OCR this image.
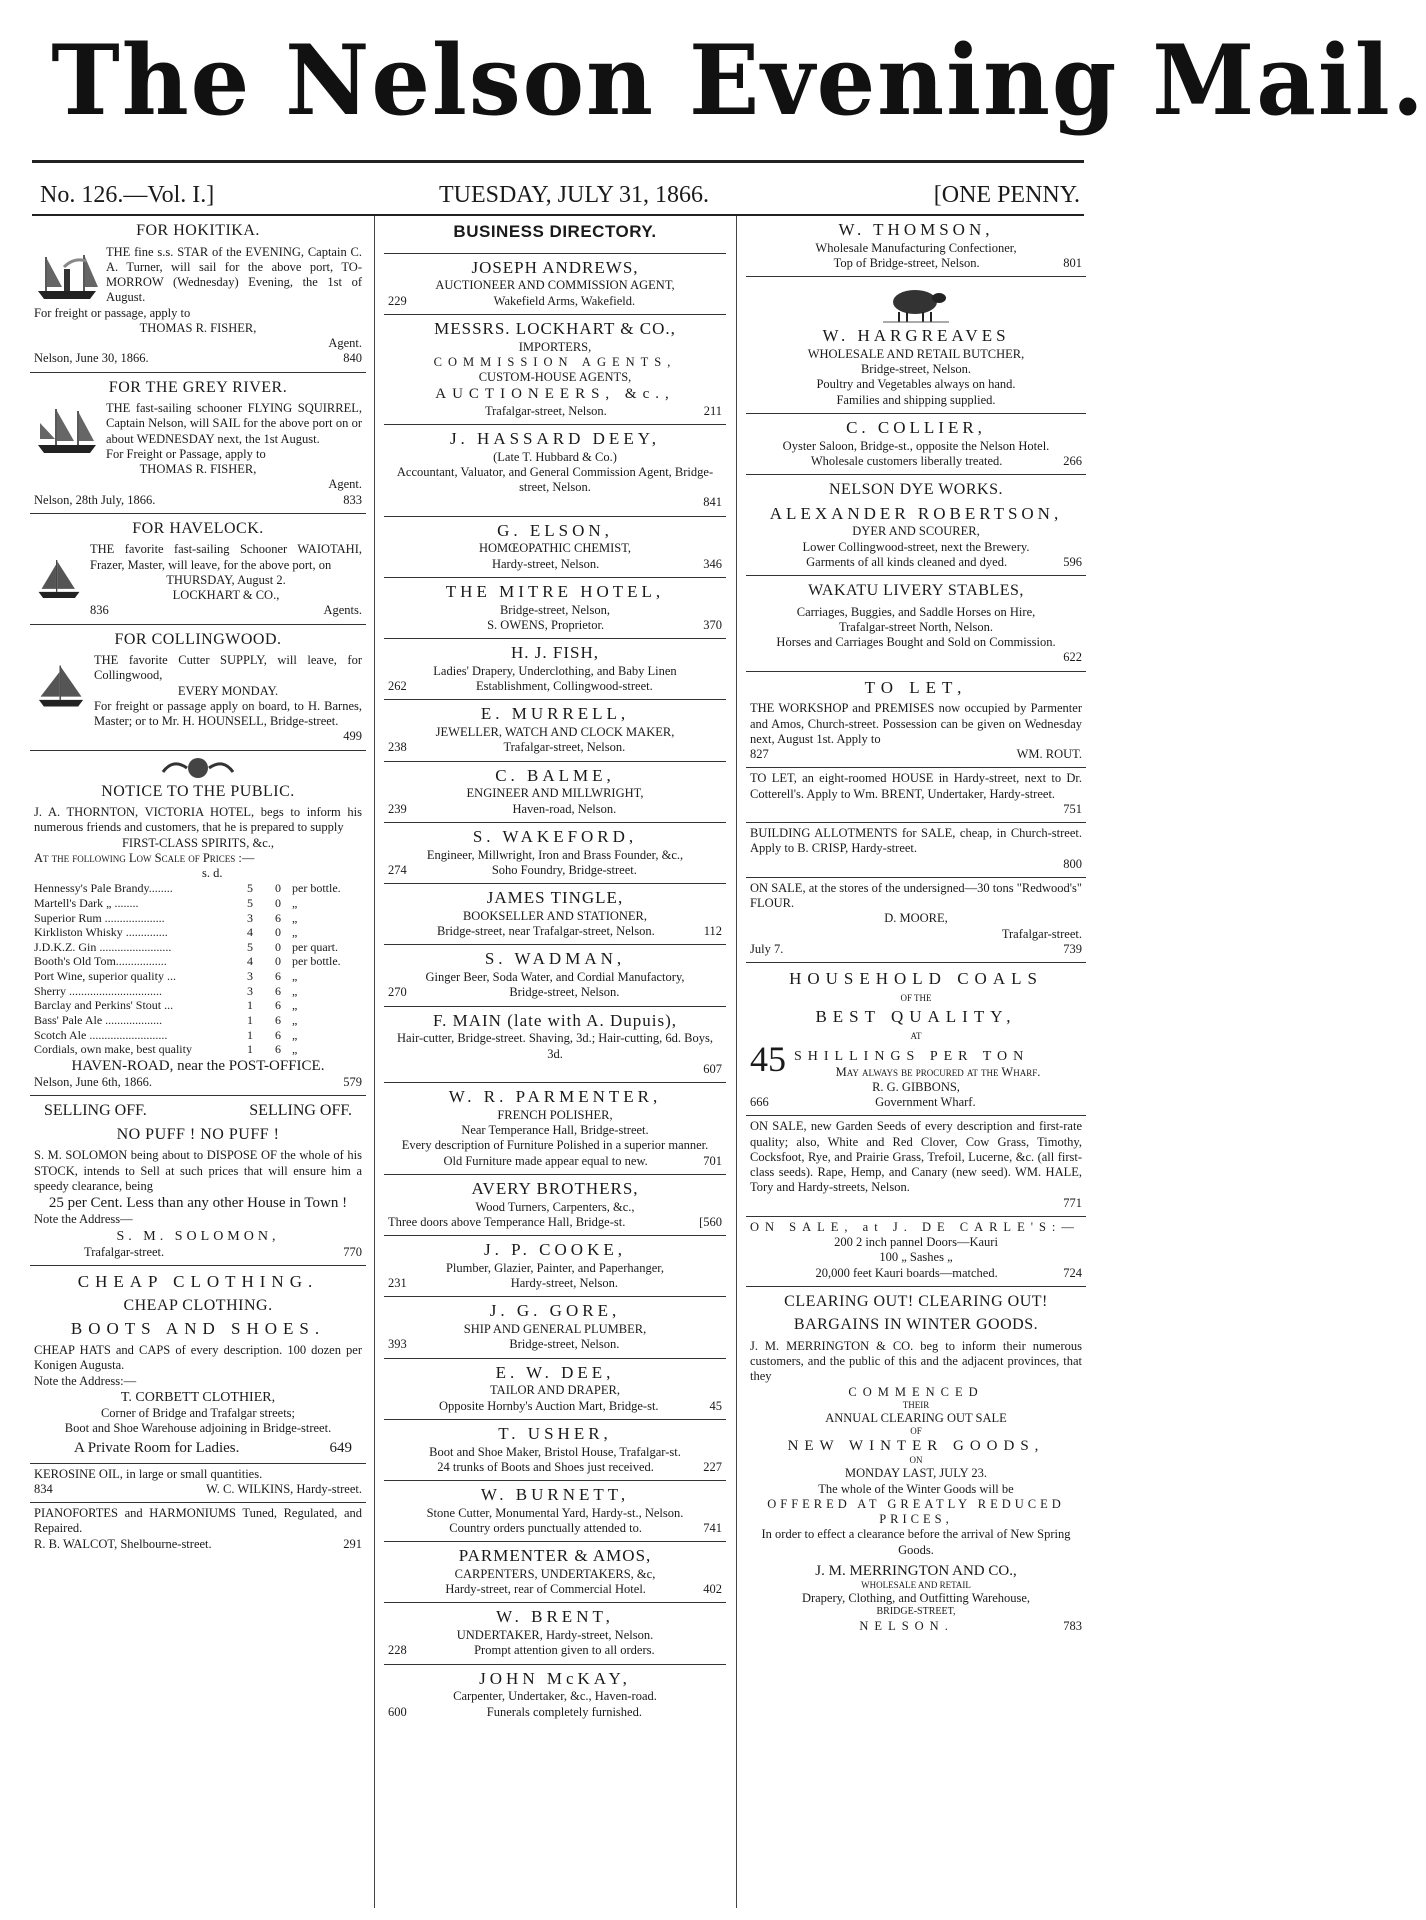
The Nelson Evening Mail.
No. 126.—Vol. I.]	TUESDAY, JULY 31, 1866.	[ONE PENNY.
FOR HOKITIKA.
THE fine s.s. STAR of the EVENING, Captain C. A. Turner, will sail for the above port, TO-MORROW (Wednesday) Evening, the 1st of August.
For freight or passage, apply to
THOMAS R. FISHER,
Agent.
Nelson, June 30, 1866.	840
FOR THE GREY RIVER.
THE fast-sailing schooner FLYING SQUIRREL, Captain Nelson, will SAIL for the above port on or about WEDNESDAY next, the 1st August.
For Freight or Passage, apply to
THOMAS R. FISHER,
Agent.
Nelson, 28th July, 1866.	833
FOR HAVELOCK.
THE favorite fast-sailing Schooner WAIOTAHI, Frazer, Master, will leave, for the above port, on
THURSDAY, August 2.
LOCKHART & CO.,
836	Agents.
FOR COLLINGWOOD.
THE favorite Cutter SUPPLY, will leave, for Collingwood,
EVERY MONDAY.
For freight or passage apply on board, to H. Barnes, Master; or to Mr. H. HOUNSELL, Bridge-street.
499
NOTICE TO THE PUBLIC.
J. A. THORNTON, VICTORIA HOTEL, begs to inform his numerous friends and customers, that he is prepared to supply
FIRST-CLASS SPIRITS, &c.,
At the following Low Scale of Prices :—
s. d.
Hennessy's Pale Brandy........	5	0 per bottle.
Martell's Dark „ ........	5	0 „
Superior Rum ....................	3	6 „
Kirkliston Whisky ..............	4	0 „
J.D.K.Z. Gin ........................	5	0 per quart.
Booth's Old Tom.................	4	0 per bottle.
Port Wine, superior quality ...	3	6 „
Sherry ...............................	3	6 „
Barclay and Perkins' Stout ...	1	6 „
Bass' Pale Ale ...................	1	6 „
Scotch Ale ..........................	1	6 „
Cordials, own make, best quality	1	6 „
HAVEN-ROAD, near the POST-OFFICE.
Nelson, June 6th, 1866.	579
SELLING OFF.	SELLING OFF.
NO PUFF ! NO PUFF !
S. M. SOLOMON being about to DISPOSE OF the whole of his STOCK, intends to Sell at such prices that will ensure him a speedy clearance, being
25 per Cent. Less than any other House in Town !
Note the Address—
S. M. SOLOMON,
Trafalgar-street.	770
CHEAP CLOTHING.
CHEAP CLOTHING.
BOOTS AND SHOES.
CHEAP HATS and CAPS of every description. 100 dozen per Konigen Augusta.
Note the Address:—
T. CORBETT CLOTHIER,
Corner of Bridge and Trafalgar streets;
Boot and Shoe Warehouse adjoining in Bridge-street.
A Private Room for Ladies.	649
KEROSINE OIL, in large or small quantities.
834	W. C. WILKINS, Hardy-street.
PIANOFORTES and HARMONIUMS Tuned, Regulated, and Repaired.
R. B. WALCOT, Shelbourne-street.	291
BUSINESS DIRECTORY.
JOSEPH ANDREWS,
AUCTIONEER AND COMMISSION AGENT,
229	Wakefield Arms, Wakefield.
MESSRS. LOCKHART & CO.,
IMPORTERS,
COMMISSION AGENTS,
CUSTOM-HOUSE AGENTS,
AUCTIONEERS, &c.,
Trafalgar-street, Nelson.	211
J. HASSARD DEEY,
(Late T. Hubbard & Co.)
Accountant, Valuator, and General Commission Agent, Bridge-street, Nelson.
841
G. ELSON,
HOMŒOPATHIC CHEMIST,
Hardy-street, Nelson.	346
THE MITRE HOTEL,
Bridge-street, Nelson,
S. OWENS, Proprietor.	370
H. J. FISH,
Ladies' Drapery, Underclothing, and Baby Linen
262	Establishment, Collingwood-street.
E. MURRELL,
JEWELLER, WATCH AND CLOCK MAKER,
238	Trafalgar-street, Nelson.
C. BALME,
ENGINEER AND MILLWRIGHT,
239	Haven-road, Nelson.
S. WAKEFORD,
Engineer, Millwright, Iron and Brass Founder, &c.,
274	Soho Foundry, Bridge-street.
JAMES TINGLE,
BOOKSELLER AND STATIONER,
Bridge-street, near Trafalgar-street, Nelson.	112
S. WADMAN,
Ginger Beer, Soda Water, and Cordial Manufactory,
270	Bridge-street, Nelson.
F. MAIN (late with A. Dupuis),
Hair-cutter, Bridge-street. Shaving, 3d.; Hair-cutting, 6d. Boys, 3d.
607
W. R. PARMENTER,
FRENCH POLISHER,
Near Temperance Hall, Bridge-street.
Every description of Furniture Polished in a superior manner.
Old Furniture made appear equal to new.	701
AVERY BROTHERS,
Wood Turners, Carpenters, &c.,
Three doors above Temperance Hall, Bridge-st.	[560
J. P. COOKE,
Plumber, Glazier, Painter, and Paperhanger,
231	Hardy-street, Nelson.
J. G. GORE,
SHIP AND GENERAL PLUMBER,
393	Bridge-street, Nelson.
E. W. DEE,
TAILOR AND DRAPER,
Opposite Hornby's Auction Mart, Bridge-st.	45
T. USHER,
Boot and Shoe Maker, Bristol House, Trafalgar-st.
24 trunks of Boots and Shoes just received.	227
W. BURNETT,
Stone Cutter, Monumental Yard, Hardy-st., Nelson.
Country orders punctually attended to.	741
PARMENTER & AMOS,
CARPENTERS, UNDERTAKERS, &c,
Hardy-street, rear of Commercial Hotel.	402
W. BRENT,
UNDERTAKER, Hardy-street, Nelson.
228	Prompt attention given to all orders.
JOHN McKAY,
Carpenter, Undertaker, &c., Haven-road.
600	Funerals completely furnished.
W. THOMSON,
Wholesale Manufacturing Confectioner,
Top of Bridge-street, Nelson.	801
W. HARGREAVES
WHOLESALE AND RETAIL BUTCHER,
Bridge-street, Nelson.
Poultry and Vegetables always on hand.
Families and shipping supplied.
C. COLLIER,
Oyster Saloon, Bridge-st., opposite the Nelson Hotel.
Wholesale customers liberally treated.	266
NELSON DYE WORKS.
ALEXANDER ROBERTSON,
DYER AND SCOURER,
Lower Collingwood-street, next the Brewery.
Garments of all kinds cleaned and dyed.	596
WAKATU LIVERY STABLES,
Carriages, Buggies, and Saddle Horses on Hire,
Trafalgar-street North, Nelson.
Horses and Carriages Bought and Sold on Commission.
622
TO LET,
THE WORKSHOP and PREMISES now occupied by Parmenter and Amos, Church-street. Possession can be given on Wednesday next, August 1st. Apply to
827	WM. ROUT.
TO LET, an eight-roomed HOUSE in Hardy-street, next to Dr. Cotterell's. Apply to Wm. BRENT, Undertaker, Hardy-street.
751
BUILDING ALLOTMENTS for SALE, cheap, in Church-street. Apply to B. CRISP, Hardy-street.
800
ON SALE, at the stores of the undersigned—30 tons "Redwood's" FLOUR.
D. MOORE,
Trafalgar-street.
July 7.	739
HOUSEHOLD COALS
OF THE
BEST QUALITY,
AT
45 SHILLINGS PER TON
May always be procured at the Wharf.
R. G. GIBBONS,
666	Government Wharf.
ON SALE, new Garden Seeds of every description and first-rate quality; also, White and Red Clover, Cow Grass, Timothy, Cocksfoot, Rye, and Prairie Grass, Trefoil, Lucerne, &c. (all first-class seeds). Rape, Hemp, and Canary (new seed). WM. HALE, Tory and Hardy-streets, Nelson.
771
ON SALE, at J. DE CARLE'S:—
200 2 inch pannel Doors—Kauri
100 „ Sashes „
20,000 feet Kauri boards—matched.	724
CLEARING OUT! CLEARING OUT!
BARGAINS IN WINTER GOODS.
J. M. MERRINGTON & CO. beg to inform their numerous customers, and the public of this and the adjacent provinces, that they
COMMENCED
THEIR
ANNUAL CLEARING OUT SALE
OF
NEW WINTER GOODS,
ON
MONDAY LAST, JULY 23.
The whole of the Winter Goods will be
OFFERED AT GREATLY REDUCED PRICES,
In order to effect a clearance before the arrival of New Spring Goods.
J. M. MERRINGTON AND CO.,
WHOLESALE AND RETAIL
Drapery, Clothing, and Outfitting Warehouse,
BRIDGE-STREET,
NELSON.	783
